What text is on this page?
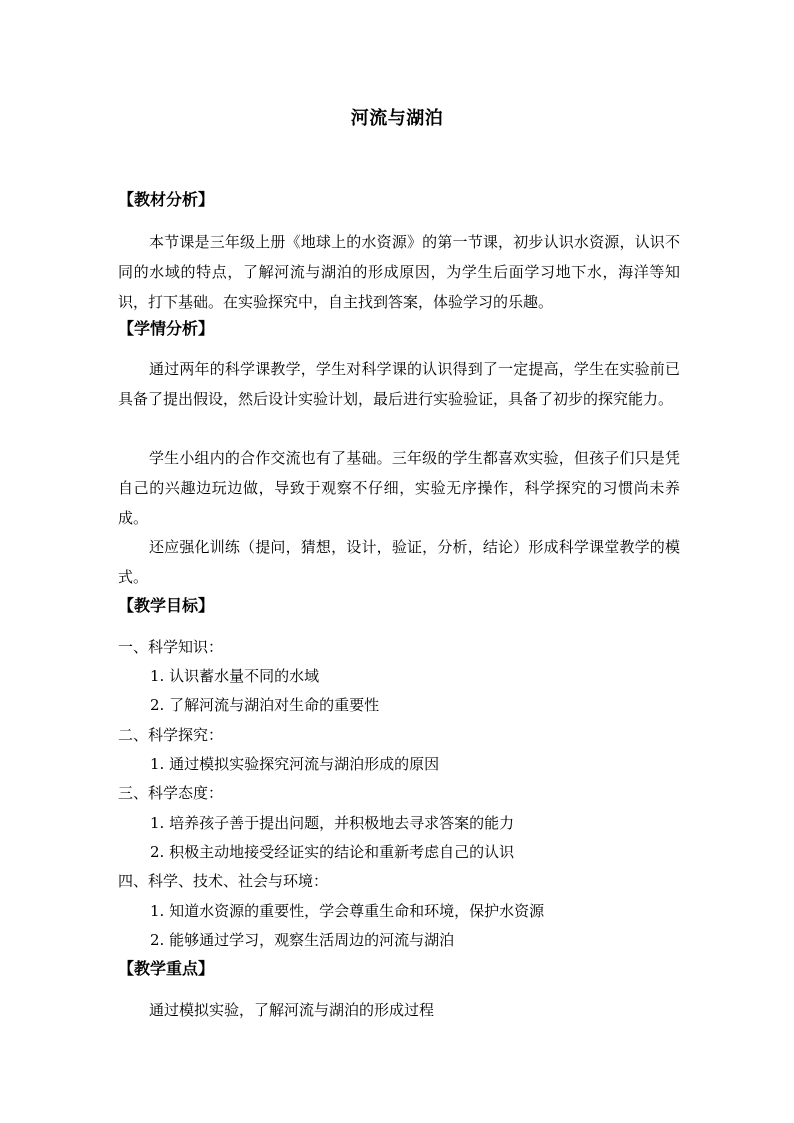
河流与湖泊
【教材分析】
本节课是三年级上册《地球上的水资源》的第一节课，初步认识水资源，认识不同的水域的特点，了解河流与湖泊的形成原因，为学生后面学习地下水，海洋等知识，打下基础。在实验探究中，自主找到答案，体验学习的乐趣。
【学情分析】
通过两年的科学课教学，学生对科学课的认识得到了一定提高，学生在实验前已具备了提出假设，然后设计实验计划，最后进行实验验证，具备了初步的探究能力。
学生小组内的合作交流也有了基础。三年级的学生都喜欢实验，但孩子们只是凭自己的兴趣边玩边做，导致于观察不仔细，实验无序操作，科学探究的习惯尚未养成。
还应强化训练（提问，猜想，设计，验证，分析，结论）形成科学课堂教学的模式。
【教学目标】
一、科学知识：
1. 认识蓄水量不同的水域
2. 了解河流与湖泊对生命的重要性
二、科学探究：
1. 通过模拟实验探究河流与湖泊形成的原因
三、科学态度：
1. 培养孩子善于提出问题，并积极地去寻求答案的能力
2. 积极主动地接受经证实的结论和重新考虑自己的认识
四、科学、技术、社会与环境：
1. 知道水资源的重要性，学会尊重生命和环境，保护水资源
2. 能够通过学习，观察生活周边的河流与湖泊
【教学重点】
通过模拟实验，了解河流与湖泊的形成过程
